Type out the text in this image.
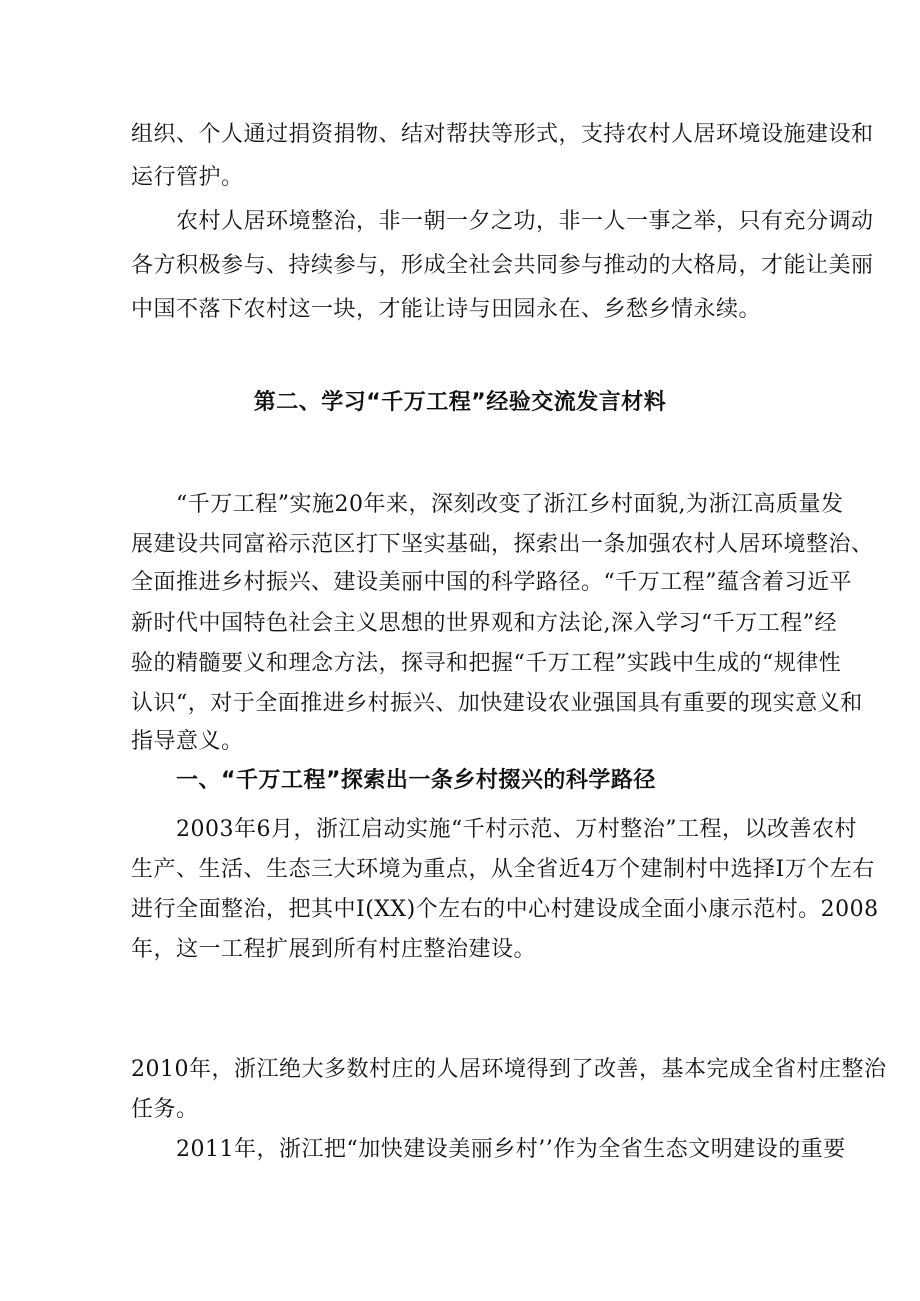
组织、个人通过捐资捐物、结对帮扶等形式，支持农村人居环境设施建设和
运行管护。
农村人居环境整治，非一朝一夕之功，非一人一事之举，只有充分调动
各方积极参与、持续参与，形成全社会共同参与推动的大格局，才能让美丽
中国不落下农村这一块，才能让诗与田园永在、乡愁乡情永续。
第二、学习“千万工程”经验交流发言材料
“千万工程”实施20年来，深刻改变了浙江乡村面貌,为浙江高质量发
展建设共同富裕示范区打下坚实基础，探索出一条加强农村人居环境整治、
全面推进乡村振兴、建设美丽中国的科学路径。“千万工程”蕴含着习近平
新时代中国特色社会主义思想的世界观和方法论,深入学习“千万工程”经
验的精髓要义和理念方法，探寻和把握“千万工程”实践中生成的“规律性
认识“，对于全面推进乡村振兴、加快建设农业强国具有重要的现实意义和
指导意义。
一、“千万工程”探索出一条乡村掇兴的科学路径
2003年6月，浙江启动实施“千村示范、万村整治”工程，以改善农村
生产、生活、生态三大环境为重点，从全省近4万个建制村中选择I万个左右
进行全面整治，把其中I(XX)个左右的中心村建设成全面小康示范村。2008
年，这一工程扩展到所有村庄整治建设。
2010年，浙江绝大多数村庄的人居环境得到了改善，基本完成全省村庄整治
任务。
2011年，浙江把“加快建设美丽乡村’’作为全省生态文明建设的重要
